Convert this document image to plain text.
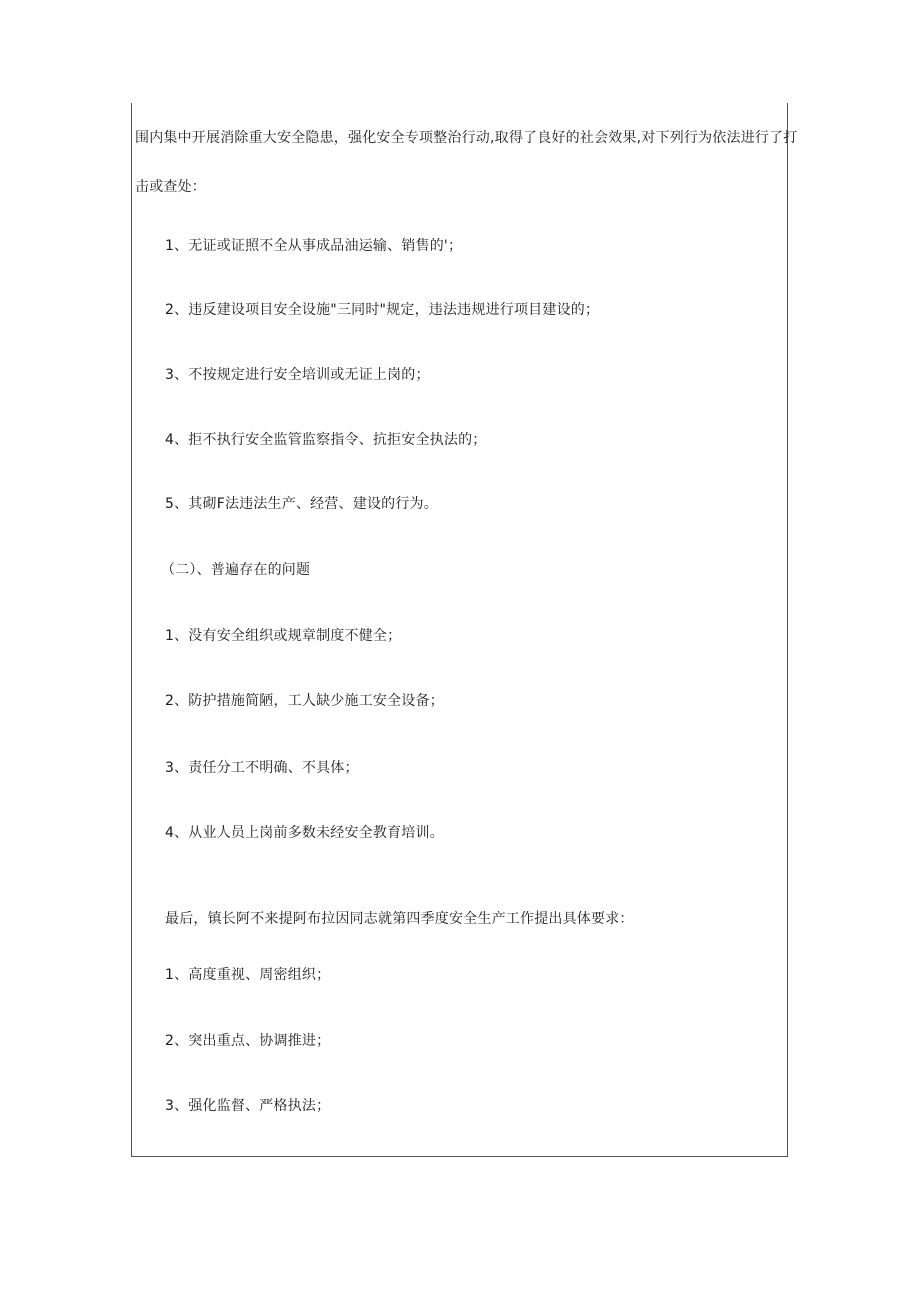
围内集中开展消除重大安全隐患，强化安全专项整治行动,取得了良好的社会效果,对下列行为依法进行了打
击或查处：
1、无证或证照不全从事成品油运输、销售的'；
2、违反建设项目安全设施"三同时"规定，违法违规进行项目建设的；
3、不按规定进行安全培训或无证上岗的；
4、拒不执行安全监管监察指令、抗拒安全执法的；
5、其砌F法违法生产、经营、建设的行为。
（二）、普遍存在的问题
1、没有安全组织或规章制度不健全；
2、防护措施简陋，工人缺少施工安全设备；
3、责任分工不明确、不具体；
4、从业人员上岗前多数未经安全教育培训。
最后，镇长阿不来提阿布拉因同志就第四季度安全生产工作提出具体要求：
1、高度重视、周密组织；
2、突出重点、协调推进；
3、强化监督、严格执法；
